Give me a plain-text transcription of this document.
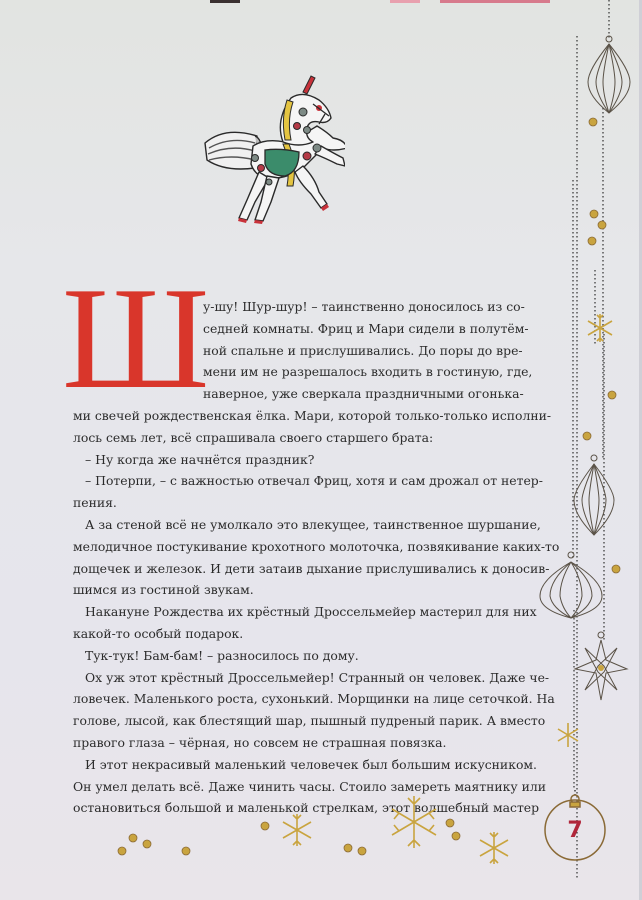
Ш
у-шу! Шур-шур! – таинственно доносилось из со-
седней комнаты. Фриц и Мари сидели в полутём-
ной спальне и прислушивались. До поры до вре-
мени им не разрешалось входить в гостиную, где,
наверное, уже сверкала праздничными огонька-
ми свечей рождественская ёлка. Мари, которой только-только исполни-
лось семь лет, всё спрашивала своего старшего брата:
– Ну когда же начнётся праздник?
– Потерпи, – с важностью отвечал Фриц, хотя и сам дрожал от нетер-
пения.
А за стеной всё не умолкало это влекущее, таинственное шуршание,
мелодичное постукивание крохотного молоточка, позвякивание каких-то
дощечек и железок. И дети затаив дыхание прислушивались к доносив-
шимся из гостиной звукам.
Накануне Рождества их крёстный Дроссельмейер мастерил для них
какой-то особый подарок.
Тук-тук! Бам-бам! – разносилось по дому.
Ох уж этот крёстный Дроссельмейер! Странный он человек. Даже че-
ловечек. Маленького роста, сухонький. Морщинки на лице сеточкой. На
голове, лысой, как блестящий шар, пышный пудреный парик. А вместо
правого глаза – чёрная, но совсем не страшная повязка.
И этот некрасивый маленький человечек был большим искусником.
Он умел делать всё. Даже чинить часы. Стоило замереть маятнику или
остановиться большой и маленькой стрелкам, этот волшебный мастер
7
